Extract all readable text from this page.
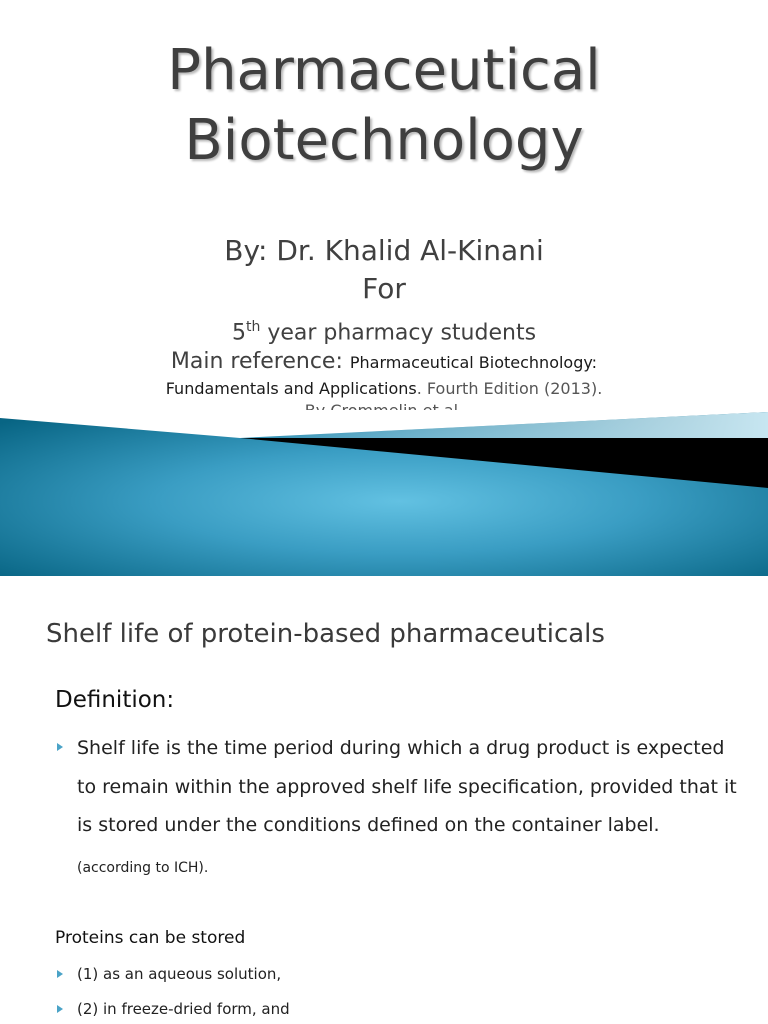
Pharmaceutical
Biotechnology
By: Dr. Khalid Al-Kinani
For
5th year pharmacy students
Main reference: Pharmaceutical Biotechnology:
Fundamentals and Applications. Fourth Edition (2013).
Shelf life of protein-based pharmaceuticals
Definition:
Shelf life is the time period during which a drug product is expected to remain within the approved shelf life specification, provided that it is stored under the conditions defined on the container label. (according to ICH).
Proteins can be stored
(1) as an aqueous solution,
(2) in freeze-dried form, and
